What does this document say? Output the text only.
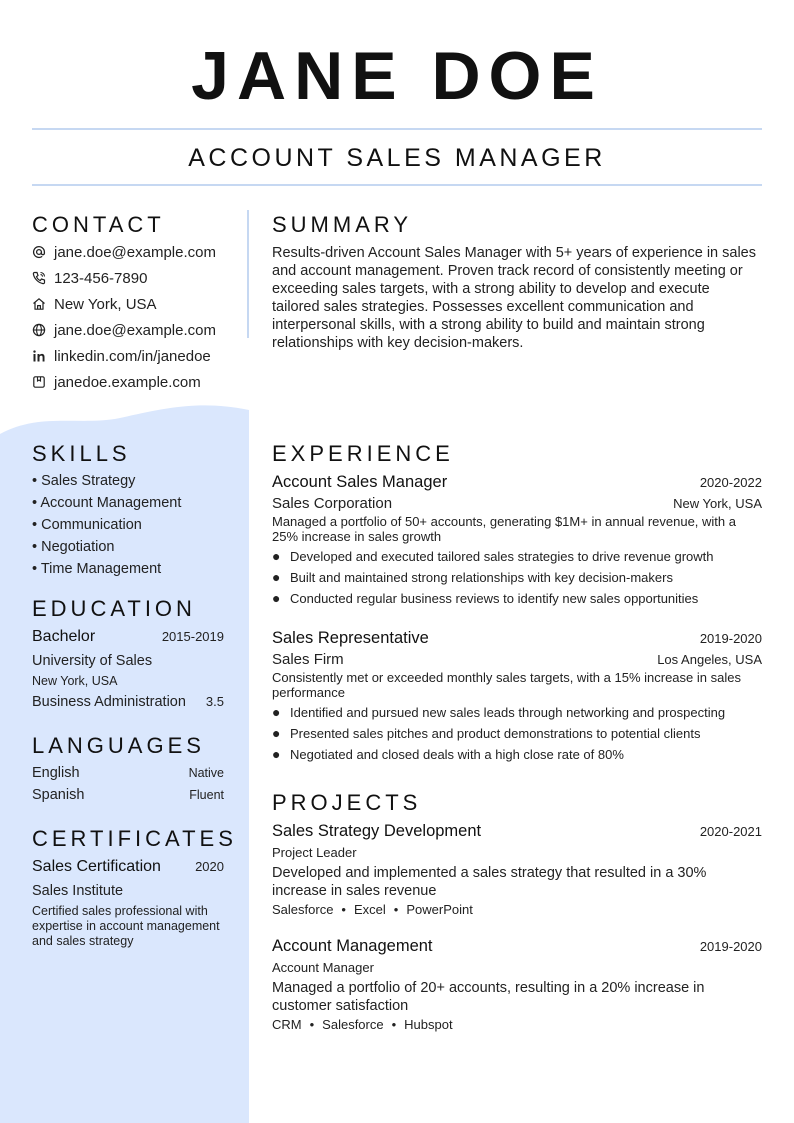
JANE DOE
ACCOUNT SALES MANAGER
CONTACT
jane.doe@example.com
123-456-7890
New York, USA
jane.doe@example.com
linkedin.com/in/janedoe
janedoe.example.com
SUMMARY
Results-driven Account Sales Manager with 5+ years of experience in sales and account management. Proven track record of consistently meeting or exceeding sales targets, with a strong ability to develop and execute tailored sales strategies. Possesses excellent communication and interpersonal skills, with a strong ability to build and maintain strong relationships with key decision-makers.
SKILLS
• Sales Strategy
• Account Management
• Communication
• Negotiation
• Time Management
EDUCATION
Bachelor	2015-2019
University of Sales
New York, USA
Business Administration 3.5
LANGUAGES
English	Native
Spanish	Fluent
CERTIFICATES
Sales Certification	2020
Sales Institute
Certified sales professional with expertise in account management and sales strategy
EXPERIENCE
Account Sales Manager	2020-2022
Sales Corporation	New York, USA
Managed a portfolio of 50+ accounts, generating $1M+ in annual revenue, with a 25% increase in sales growth
● Developed and executed tailored sales strategies to drive revenue growth
● Built and maintained strong relationships with key decision-makers
● Conducted regular business reviews to identify new sales opportunities
Sales Representative	2019-2020
Sales Firm	Los Angeles, USA
Consistently met or exceeded monthly sales targets, with a 15% increase in sales performance
● Identified and pursued new sales leads through networking and prospecting
● Presented sales pitches and product demonstrations to potential clients
● Negotiated and closed deals with a high close rate of 80%
PROJECTS
Sales Strategy Development	2020-2021
Project Leader
Developed and implemented a sales strategy that resulted in a 30% increase in sales revenue
Salesforce • Excel • PowerPoint
Account Management	2019-2020
Account Manager
Managed a portfolio of 20+ accounts, resulting in a 20% increase in customer satisfaction
CRM • Salesforce • Hubspot
